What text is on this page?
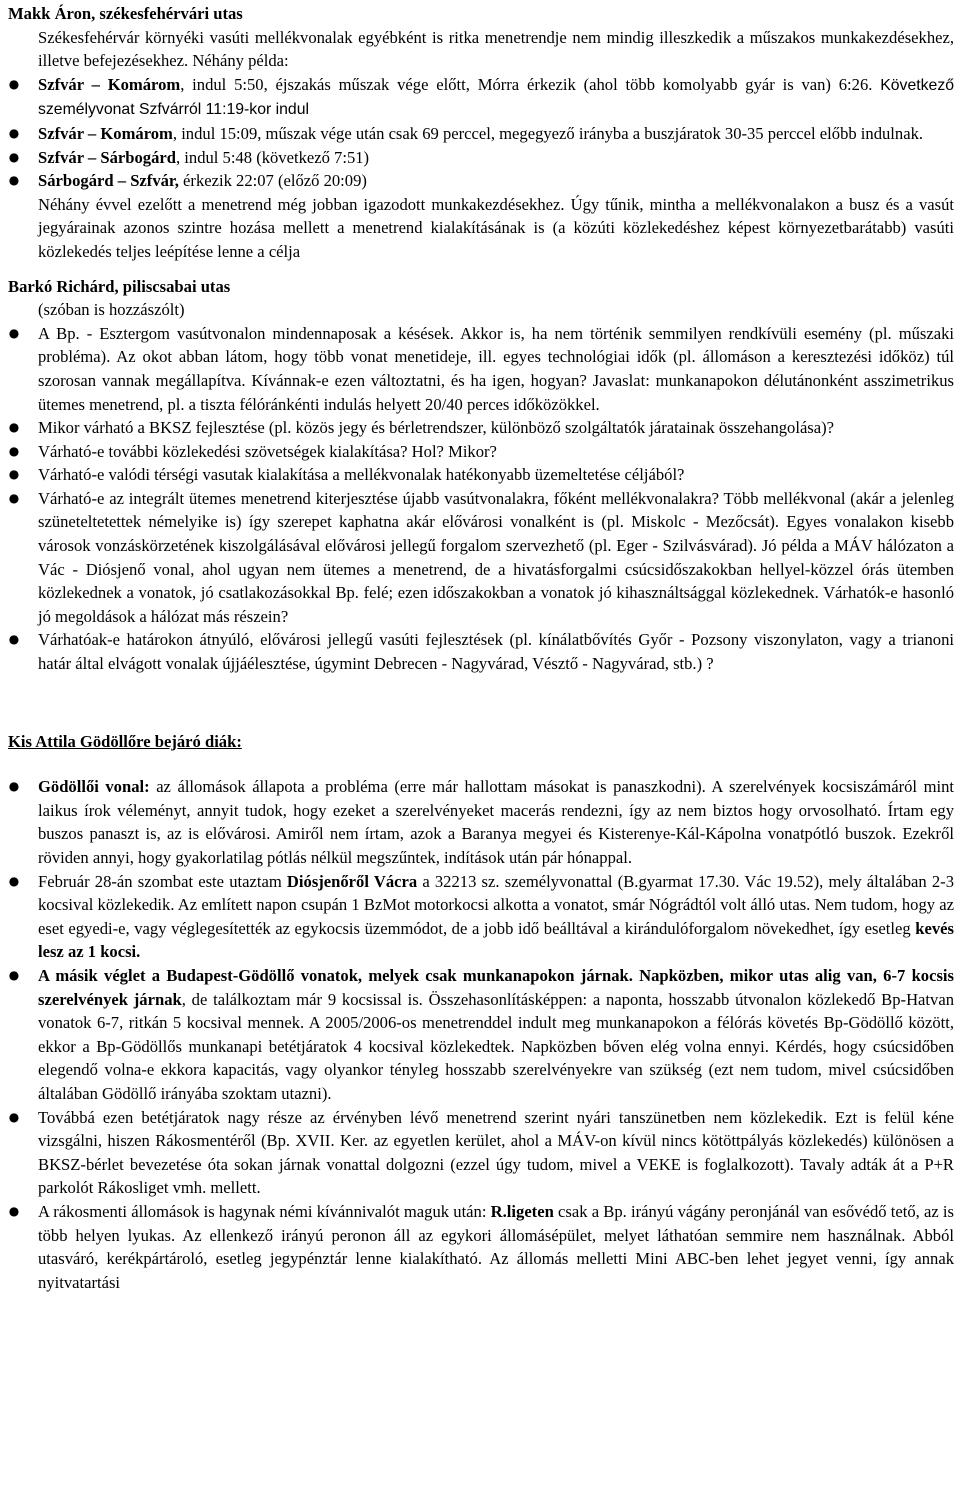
Makk Áron, székesfehérvári utas
Székesfehérvár környéki vasúti mellékvonalak egyébként is ritka menetrendje nem mindig illeszkedik a műszakos munkakezdésekhez, illetve befejezésekhez. Néhány példa:
● Szfvár – Komárom, indul 5:50, éjszakás műszak vége előtt, Mórra érkezik (ahol több komolyabb gyár is van) 6:26. Következő személyvonat Szfvárról 11:19-kor indul
● Szfvár – Komárom, indul 15:09, műszak vége után csak 69 perccel, megegyező irányba a buszjáratok 30-35 perccel előbb indulnak.
● Szfvár – Sárbogárd, indul 5:48 (következő 7:51)
● Sárbogárd – Szfvár, érkezik 22:07 (előző 20:09)
Néhány évvel ezelőtt a menetrend még jobban igazodott munkakezdésekhez. Úgy tűnik, mintha a mellékvonalakon a busz és a vasút jegyárainak azonos szintre hozása mellett a menetrend kialakításának is (a közúti közlekedéshez képest környezetbarátabb) vasúti közlekedés teljes leépítése lenne a célja
Barkó Richárd, piliscsabai utas
(szóban is hozzászólt)
● A Bp. - Esztergom vasútvonalon mindennaposak a késések. Akkor is, ha nem történik semmilyen rendkívüli esemény (pl. műszaki probléma). Az okot abban látom, hogy több vonat menetideje, ill. egyes technológiai idők (pl. állomáson a keresztezési időköz) túl szorosan vannak megállapítva. Kívánnak-e ezen változtatni, és ha igen, hogyan? Javaslat: munkanapokon délutánonként asszimetrikus ütemes menetrend, pl. a tiszta félóránkénti indulás helyett 20/40 perces időközökkel.
● Mikor várható a BKSZ fejlesztése (pl. közös jegy és bérletrendszer, különböző szolgáltatók járatainak összehangolása)?
● Várható-e további közlekedési szövetségek kialakítása? Hol? Mikor?
● Várható-e valódi térségi vasutak kialakítása a mellékvonalak hatékonyabb üzemeltetése céljából?
● Várható-e az integrált ütemes menetrend kiterjesztése újabb vasútvonalakra, főként mellékvonalakra? Több mellékvonal (akár a jelenleg szüneteltetettek némelyike is) így szerepet kaphatna akár elővárosi vonalként is (pl. Miskolc - Mezőcsát). Egyes vonalakon kisebb városok vonzáskörzetének kiszolgálásával elővárosi jellegű forgalom szervezhető (pl. Eger - Szilvásvárad). Jó példa a MÁV hálózaton a Vác - Diósjenő vonal, ahol ugyan nem ütemes a menetrend, de a hivatásforgalmi csúcsidőszakokban hellyel-közzel órás ütemben közlekednek a vonatok, jó csatlakozásokkal Bp. felé; ezen időszakokban a vonatok jó kihasználtsággal közlekednek. Várhatók-e hasonló jó megoldások a hálózat más részein?
● Várhatóak-e határokon átnyúló, elővárosi jellegű vasúti fejlesztések (pl. kínálatbővítés Győr - Pozsony viszonylaton, vagy a trianoni határ által elvágott vonalak újjáélesztése, úgymint Debrecen - Nagyvárad, Vésztő - Nagyvárad, stb.) ?
Kis Attila Gödöllőre bejáró diák:
● Gödöllői vonal: az állomások állapota a probléma (erre már hallottam másokat is panaszkodni). A szerelvények kocsiszámáról mint laikus írok véleményt, annyit tudok, hogy ezeket a szerelvényeket macerás rendezni, így az nem biztos hogy orvosolható. Írtam egy buszos panaszt is, az is elővárosi. Amiről nem írtam, azok a Baranya megyei és Kisterenye-Kál-Kápolna vonatpótló buszok. Ezekről röviden annyi, hogy gyakorlatilag pótlás nélkül megszűntek, indítások után pár hónappal.
● Február 28-án szombat este utaztam Diósjenőről Vácra a 32213 sz. személyvonattal (B.gyarmat 17.30. Vác 19.52), mely általában 2-3 kocsival közlekedik. Az említett napon csupán 1 BzMot motorkocsi alkotta a vonatot, smár Nógrádtól volt álló utas. Nem tudom, hogy az eset egyedi-e, vagy véglegesítették az egykocsis üzemmódot, de a jobb idő beálltával a kirándulóforgalom növekedhet, így esetleg kevés lesz az 1 kocsi.
● A másik véglet a Budapest-Gödöllő vonatok, melyek csak munkanapokon járnak. Napközben, mikor utas alig van, 6-7 kocsis szerelvények járnak, de találkoztam már 9 kocsissal is. Összehasonlításképpen: a naponta, hosszabb útvonalon közlekedő Bp-Hatvan vonatok 6-7, ritkán 5 kocsival mennek. A 2005/2006-os menetrenddel indult meg munkanapokon a félórás követés Bp-Gödöllő között, ekkor a Bp-Gödöllős munkanapi betétjáratok 4 kocsival közlekedtek. Napközben bőven elég volna ennyi. Kérdés, hogy csúcsidőben elegendő volna-e ekkora kapacitás, vagy olyankor tényleg hosszabb szerelvényekre van szükség (ezt nem tudom, mivel csúcsidőben általában Gödöllő irányába szoktam utazni).
● Továbbá ezen betétjáratok nagy része az érvényben lévő menetrend szerint nyári tanszünetben nem közlekedik. Ezt is felül kéne vizsgálni, hiszen Rákosmentéről (Bp. XVII. Ker. az egyetlen kerület, ahol a MÁV-on kívül nincs kötöttpályás közlekedés) különösen a BKSZ-bérlet bevezetése óta sokan járnak vonattal dolgozni (ezzel úgy tudom, mivel a VEKE is foglalkozott). Tavaly adták át a P+R parkolót Rákosliget vmh. mellett.
● A rákosmenti állomások is hagynak némi kívánnivalót maguk után: R.ligeten csak a Bp. irányú vágány peronjánál van esővédő tető, az is több helyen lyukas. Az ellenkező irányú peronon áll az egykori állomásépület, melyet láthatóan semmire nem használnak. Abból utasváró, kerékpártároló, esetleg jegypénztár lenne kialakítható. Az állomás melletti Mini ABC-ben lehet jegyet venni, így annak nyitvatartási
